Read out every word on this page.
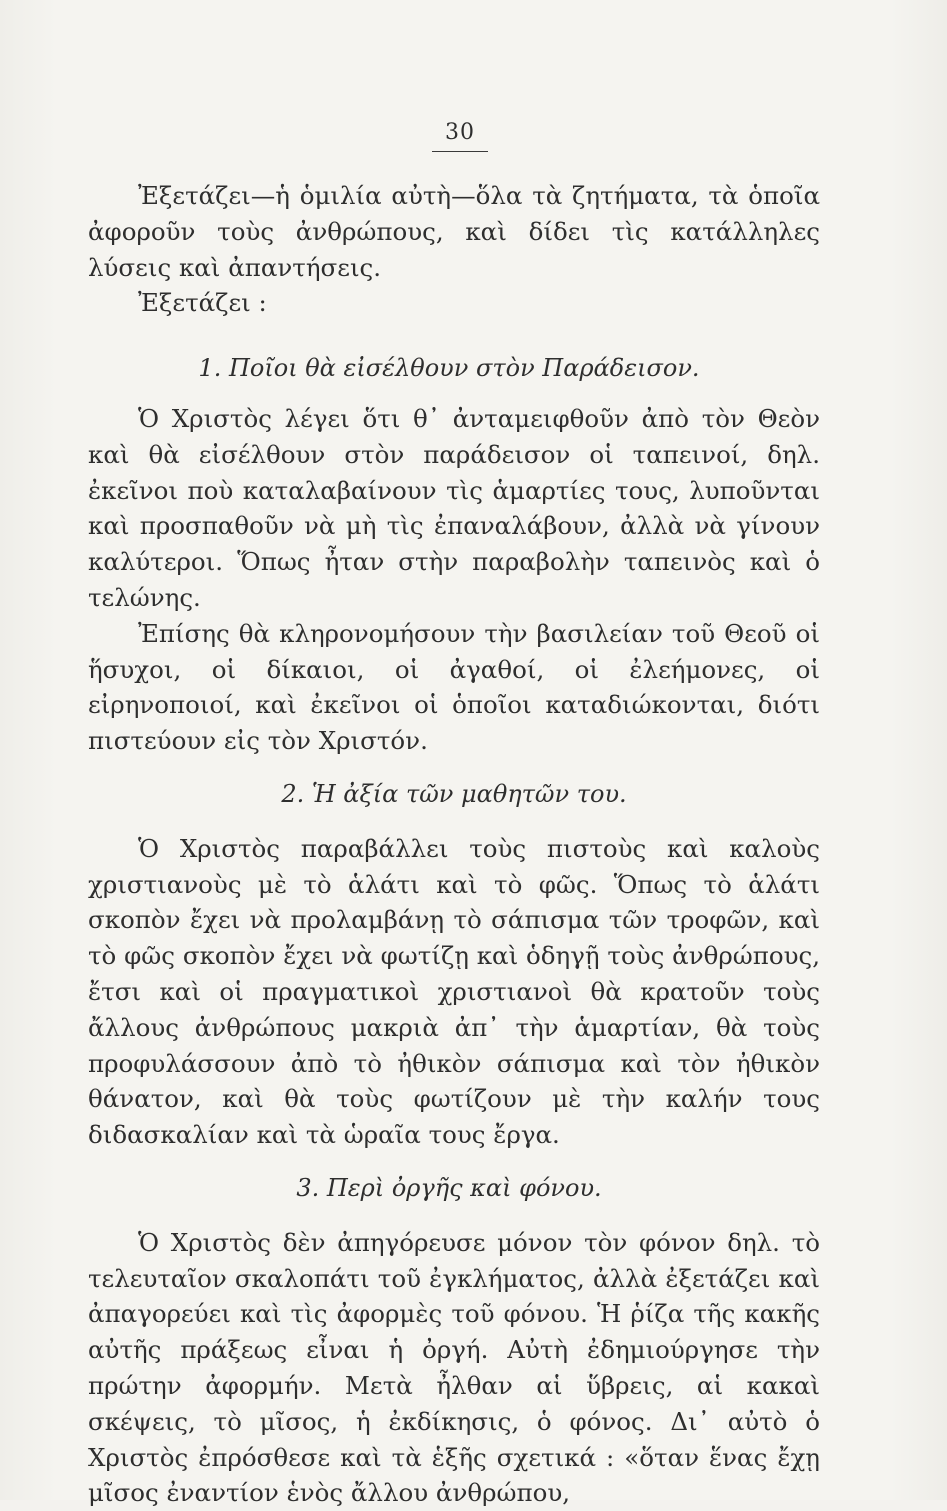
30

Ἐξετάζει—ἡ ὁμιλία αὐτὴ—ὅλα τὰ ζητήματα, τὰ ὁποῖα ἀφοροῦν τοὺς ἀνθρώπους, καὶ δίδει τὶς κατάλληλες λύσεις καὶ ἀπαντήσεις.

Ἐξετάζει :

1. Ποῖοι θὰ εἰσέλθουν στὸν Παράδεισον.

Ὁ Χριστὸς λέγει ὅτι θ᾿ ἀνταμειφθοῦν ἀπὸ τὸν Θεὸν καὶ θὰ εἰσέλθουν στὸν παράδεισον οἱ ταπεινοί, δηλ. ἐκεῖνοι ποὺ καταλαβαίνουν τὶς ἁμαρτίες τους, λυποῦνται καὶ προσπαθοῦν νὰ μὴ τὶς ἐπαναλάβουν, ἀλλὰ νὰ γίνουν καλύτεροι. Ὅπως ἦταν στὴν παραβολὴν ταπεινὸς καὶ ὁ τελώνης.

Ἐπίσης θὰ κληρονομήσουν τὴν βασιλείαν τοῦ Θεοῦ οἱ ἥσυχοι, οἱ δίκαιοι, οἱ ἀγαθοί, οἱ ἐλεήμονες, οἱ εἰρηνοποιοί, καὶ ἐκεῖνοι οἱ ὁποῖοι καταδιώκονται, διότι πιστεύουν εἰς τὸν Χριστόν.

2. Ἡ ἀξία τῶν μαθητῶν του.

Ὁ Χριστὸς παραβάλλει τοὺς πιστοὺς καὶ καλοὺς χριστιανοὺς μὲ τὸ ἁλάτι καὶ τὸ φῶς. Ὅπως τὸ ἁλάτι σκοπὸν ἔχει νὰ προλαμβάνῃ τὸ σάπισμα τῶν τροφῶν, καὶ τὸ φῶς σκοπὸν ἔχει νὰ φωτίζῃ καὶ ὁδηγῇ τοὺς ἀνθρώπους, ἔτσι καὶ οἱ πραγματικοὶ χριστιανοὶ θὰ κρατοῦν τοὺς ἄλλους ἀνθρώπους μακριὰ ἀπ᾿ τὴν ἁμαρτίαν, θὰ τοὺς προφυλάσσουν ἀπὸ τὸ ἠθικὸν σάπισμα καὶ τὸν ἠθικὸν θάνατον, καὶ θὰ τοὺς φωτίζουν μὲ τὴν καλήν τους διδασκαλίαν καὶ τὰ ὡραῖα τους ἔργα.

3. Περὶ ὀργῆς καὶ φόνου.

Ὁ Χριστὸς δὲν ἀπηγόρευσε μόνον τὸν φόνον δηλ. τὸ τελευταῖον σκαλοπάτι τοῦ ἐγκλήματος, ἀλλὰ ἐξετάζει καὶ ἀπαγορεύει καὶ τὶς ἀφορμὲς τοῦ φόνου. Ἡ ῥίζα τῆς κακῆς αὐτῆς πράξεως εἶναι ἡ ὀργή. Αὐτὴ ἐδημιούργησε τὴν πρώτην ἀφορμήν. Μετὰ ἦλθαν αἱ ὕβρεις, αἱ κακαὶ σκέψεις, τὸ μῖσος, ἡ ἐκδίκησις, ὁ φόνος. Δι᾿ αὐτὸ ὁ Χριστὸς ἐπρόσθεσε καὶ τὰ ἑξῆς σχετικά : «ὅταν ἕνας ἔχῃ μῖσος ἐναντίον ἑνὸς ἄλλου ἀνθρώπου,
